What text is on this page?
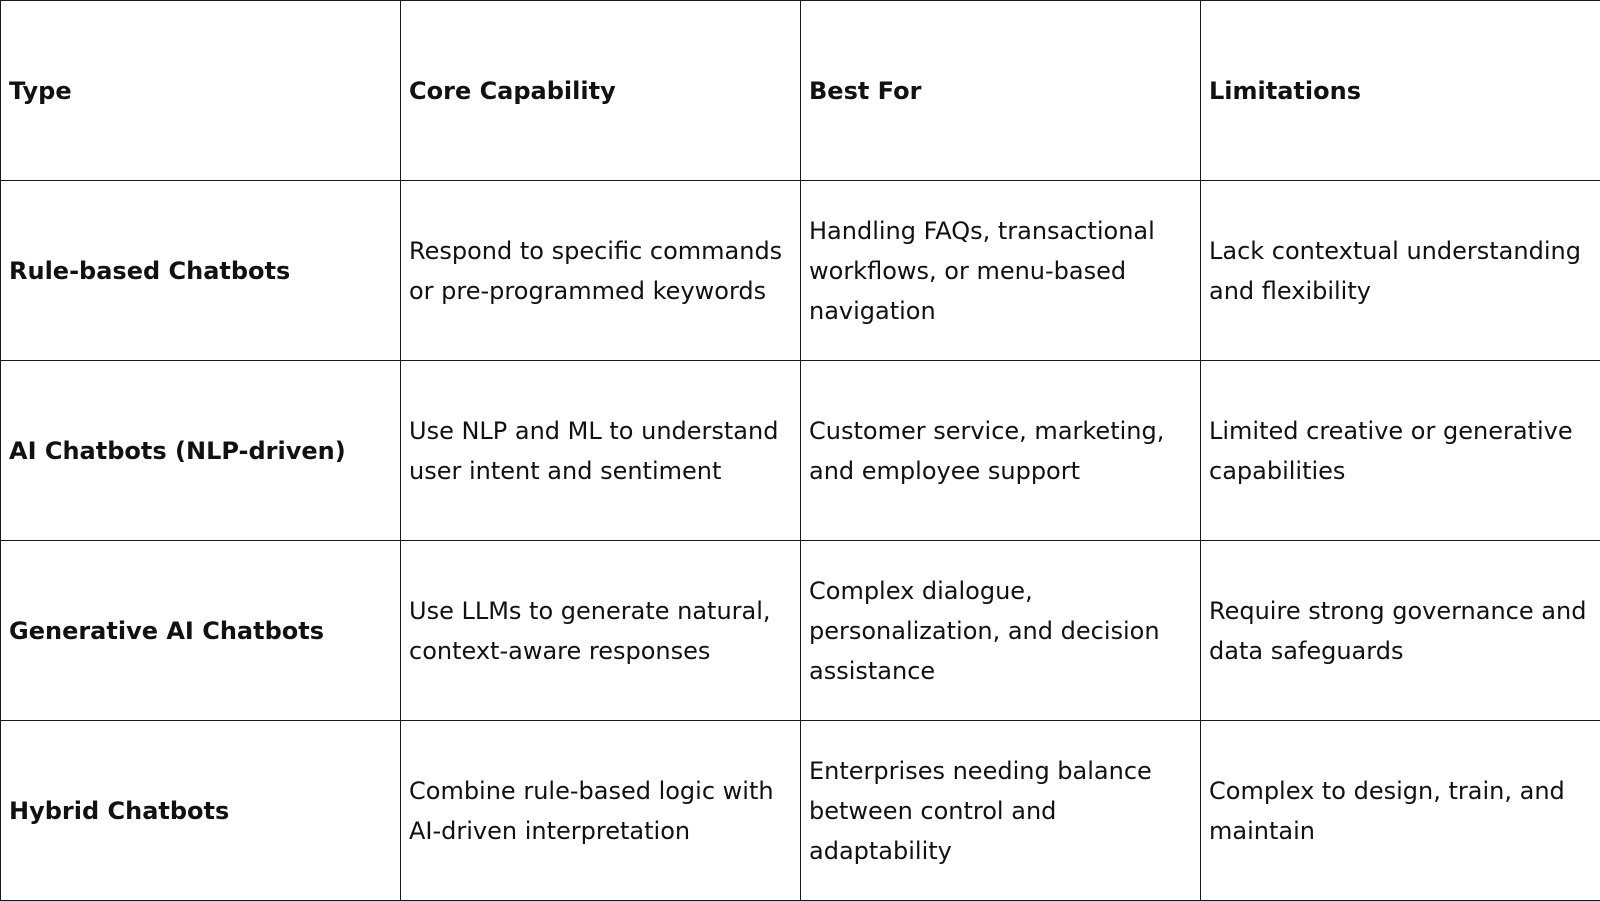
Type	Core Capability	Best For	Limitations
Rule-based Chatbots	Respond to specific commands or pre-programmed keywords	Handling FAQs, transactional workflows, or menu-based navigation	Lack contextual understanding and flexibility
AI Chatbots (NLP-driven)	Use NLP and ML to understand user intent and sentiment	Customer service, marketing, and employee support	Limited creative or generative capabilities
Generative AI Chatbots	Use LLMs to generate natural, context-aware responses	Complex dialogue, personalization, and decision assistance	Require strong governance and data safeguards
Hybrid Chatbots	Combine rule-based logic with AI-driven interpretation	Enterprises needing balance between control and adaptability	Complex to design, train, and maintain
